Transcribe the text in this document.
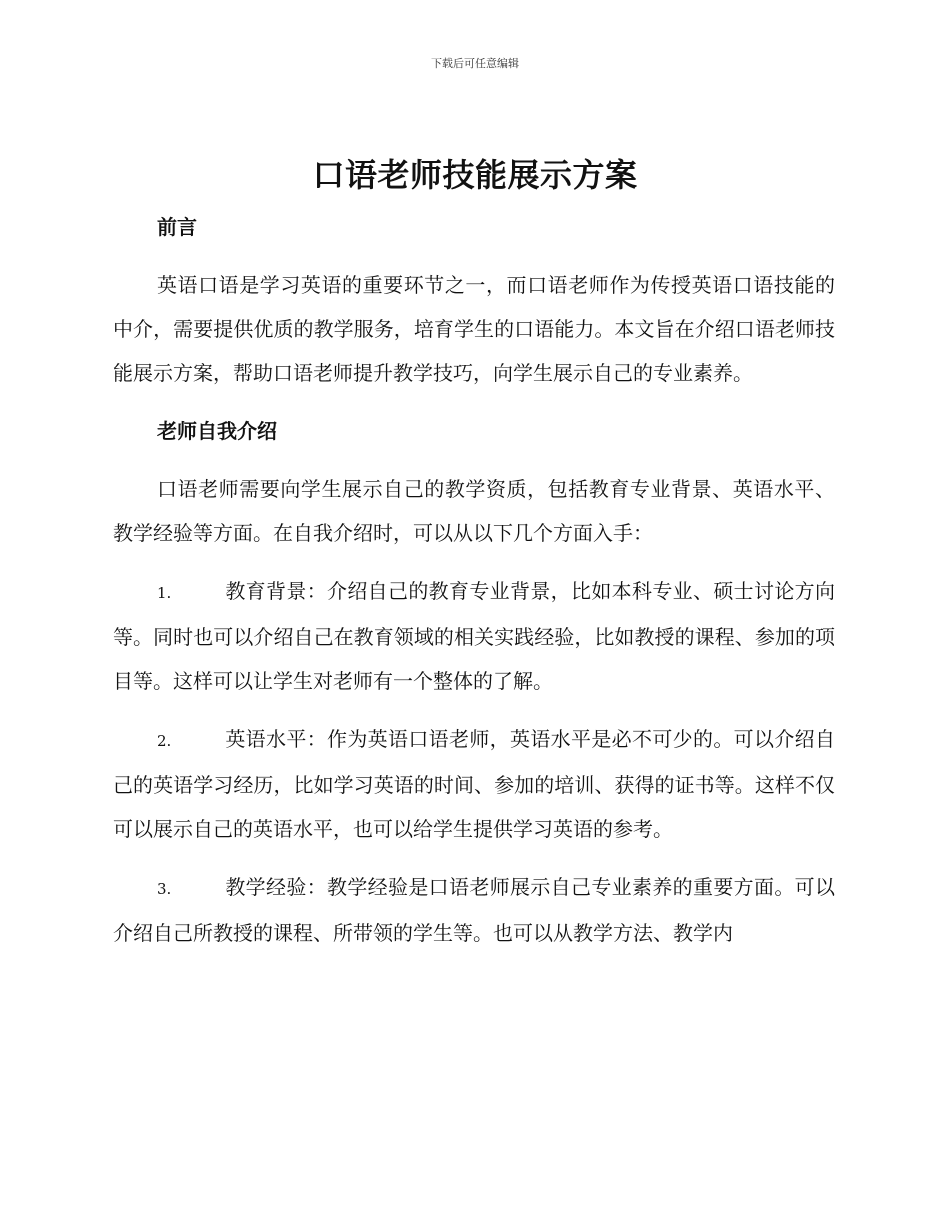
下载后可任意编辑
口语老师技能展示方案

前言

英语口语是学习英语的重要环节之一，而口语老师作为传授英语口语技能的中介，需要提供优质的教学服务，培育学生的口语能力。本文旨在介绍口语老师技能展示方案，帮助口语老师提升教学技巧，向学生展示自己的专业素养。

老师自我介绍

口语老师需要向学生展示自己的教学资质，包括教育专业背景、英语水平、教学经验等方面。在自我介绍时，可以从以下几个方面入手：

1.	教育背景：介绍自己的教育专业背景，比如本科专业、硕士讨论方向等。同时也可以介绍自己在教育领域的相关实践经验，比如教授的课程、参加的项目等。这样可以让学生对老师有一个整体的了解。

2.	英语水平：作为英语口语老师，英语水平是必不可少的。可以介绍自己的英语学习经历，比如学习英语的时间、参加的培训、获得的证书等。这样不仅可以展示自己的英语水平，也可以给学生提供学习英语的参考。

3.	教学经验：教学经验是口语老师展示自己专业素养的重要方面。可以介绍自己所教授的课程、所带领的学生等。也可以从教学方法、教学内
